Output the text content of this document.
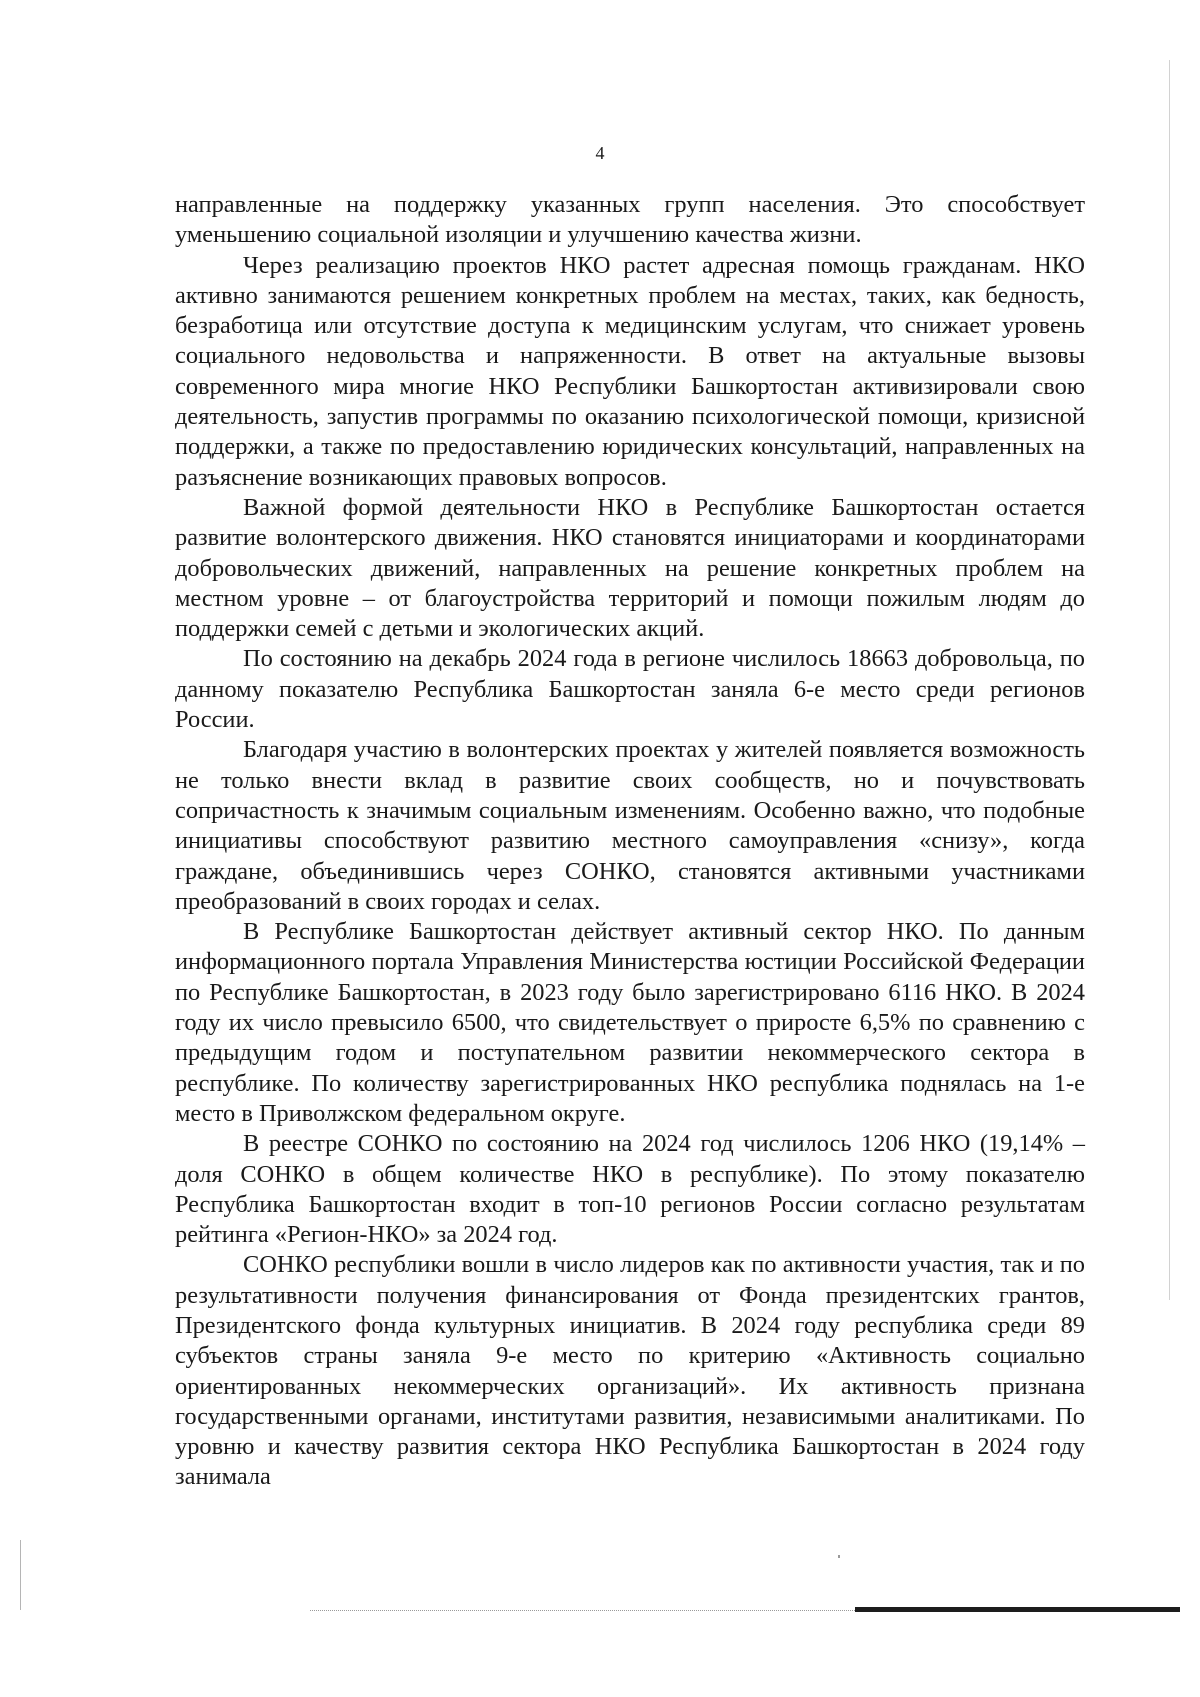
4

направленные на поддержку указанных групп населения. Это способствует уменьшению социальной изоляции и улучшению качества жизни.

Через реализацию проектов НКО растет адресная помощь гражданам. НКО активно занимаются решением конкретных проблем на местах, таких, как бедность, безработица или отсутствие доступа к медицинским услугам, что снижает уровень социального недовольства и напряженности. В ответ на актуальные вызовы современного мира многие НКО Республики Башкортостан активизировали свою деятельность, запустив программы по оказанию психологической помощи, кризисной поддержки, а также по предоставлению юридических консультаций, направленных на разъяснение возникающих правовых вопросов.

Важной формой деятельности НКО в Республике Башкортостан остается развитие волонтерского движения. НКО становятся инициаторами и координаторами добровольческих движений, направленных на решение конкретных проблем на местном уровне – от благоустройства территорий и помощи пожилым людям до поддержки семей с детьми и экологических акций.

По состоянию на декабрь 2024 года в регионе числилось 18663 добровольца, по данному показателю Республика Башкортостан заняла 6-е место среди регионов России.

Благодаря участию в волонтерских проектах у жителей появляется возможность не только внести вклад в развитие своих сообществ, но и почувствовать сопричастность к значимым социальным изменениям. Особенно важно, что подобные инициативы способствуют развитию местного самоуправления «снизу», когда граждане, объединившись через СОНКО, становятся активными участниками преобразований в своих городах и селах.

В Республике Башкортостан действует активный сектор НКО. По данным информационного портала Управления Министерства юстиции Российской Федерации по Республике Башкортостан, в 2023 году было зарегистрировано 6116 НКО. В 2024 году их число превысило 6500, что свидетельствует о приросте 6,5% по сравнению с предыдущим годом и поступательном развитии некоммерческого сектора в республике. По количеству зарегистрированных НКО республика поднялась на 1-е место в Приволжском федеральном округе.

В реестре СОНКО по состоянию на 2024 год числилось 1206 НКО (19,14% – доля СОНКО в общем количестве НКО в республике). По этому показателю Республика Башкортостан входит в топ-10 регионов России согласно результатам рейтинга «Регион-НКО» за 2024 год.

СОНКО республики вошли в число лидеров как по активности участия, так и по результативности получения финансирования от Фонда президентских грантов, Президентского фонда культурных инициатив. В 2024 году республика среди 89 субъектов страны заняла 9-е место по критерию «Активность социально ориентированных некоммерческих организаций». Их активность признана государственными органами, институтами развития, независимыми аналитиками. По уровню и качеству развития сектора НКО Республика Башкортостан в 2024 году занимала
